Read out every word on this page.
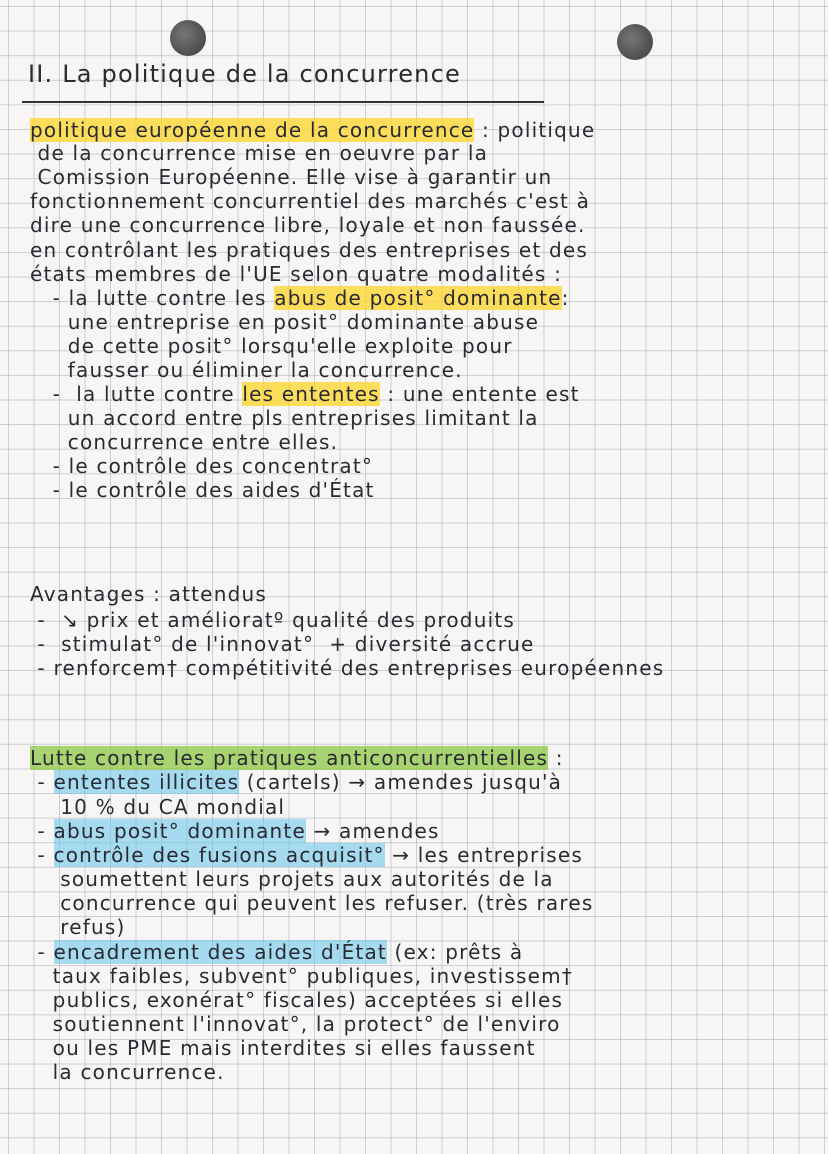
II. La politique de la concurrence
politique européenne de la concurrence : politique
de la concurrence mise en oeuvre par la
Comission Européenne. Elle vise à garantir un
fonctionnement concurrentiel des marchés c'est à
dire une concurrence libre, loyale et non faussée.
en contrôlant les pratiques des entreprises et des
états membres de l'UE selon quatre modalités :
- la lutte contre les abus de posit° dominante:
une entreprise en posit° dominante abuse
de cette posit° lorsqu'elle exploite pour
fausser ou éliminer la concurrence.
-  la lutte contre les ententes : une entente est
un accord entre pls entreprises limitant la
concurrence entre elles.
- le contrôle des concentrat°
- le contrôle des aides d'État
Avantages : attendus
-  ↘ prix et amélioratº qualité des produits
-  stimulat° de l'innovat°  + diversité accrue
- renforcem† compétitivité des entreprises européennes
Lutte contre les pratiques anticoncurrentielles :
- ententes illicites (cartels) → amendes jusqu'à
10 % du CA mondial
- abus posit° dominante → amendes
- contrôle des fusions acquisit° → les entreprises
soumettent leurs projets aux autorités de la
concurrence qui peuvent les refuser. (très rares
refus)
- encadrement des aides d'État (ex: prêts à
taux faibles, subvent° publiques, investissem†
publics, exonérat° fiscales) acceptées si elles
soutiennent l'innovat°, la protect° de l'enviro
ou les PME mais interdites si elles faussent
la concurrence.
